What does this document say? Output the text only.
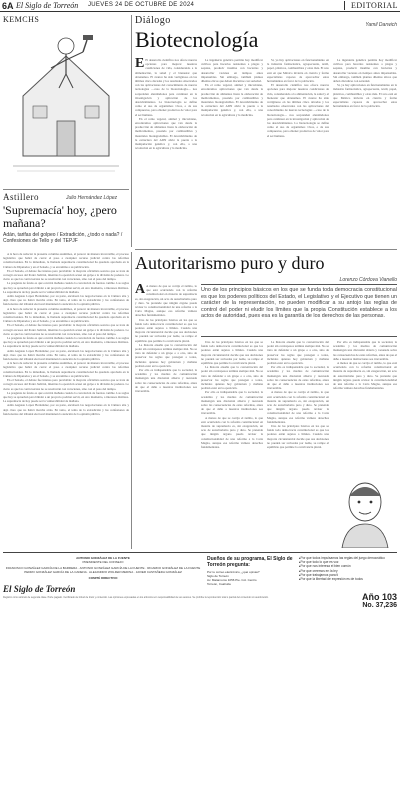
6A El Siglo de Torreón JUEVES 24 DE OCTUBRE DE 2024	EDITORIAL
KEMCHS	Diálogo	Yamil Darwich
Biotecnología

E El desarrollo científico nos ofrece nuevas opciones para mejorar nuestras condiciones de vida, considerando a la alimentación, la salud y el bienestar que obtenemos. El avance ha sido vertiginoso en las últimas cinco décadas y los resultados observados con las aplicaciones del conocimiento de nuevas tecnologías —caso de la biotecnología— nos sorprenden alentándonos para continuar en la investigación y aplicación de los descubrimientos. La biotecnología se define como el uso de organismos vivos, o de sus compuestos, para obtener productos de valor para el ser humano.

En el reino vegetal, animal y microbiano, encontramos aplicaciones que van desde la producción de alimentos hasta la elaboración de medicamentos, pasando por combustibles y materiales biodegradables. El descubrimiento de la estructura del ADN abrió la puerta a la manipulación genética y, con ella, a una revolución en la agricultura y la medicina.

La ingeniería genética permite hoy modificar cultivos para hacerlos resistentes a plagas y sequías, producir insulina con bacterias y desarrollar vacunas en tiempos antes impensables. Sin embargo, también plantea dilemas éticos que deben discutirse con seriedad.

En el reino vegetal, animal y microbiano, encontramos aplicaciones que van desde la producción de alimentos hasta la elaboración de medicamentos, pasando por combustibles y materiales biodegradables. El descubrimiento de la estructura del ADN abrió la puerta a la manipulación genética y, con ella, a una revolución en la agricultura y la medicina.

Sí, ya hay aplicaciones en funcionamiento en la industria farmacéutica, agropecuaria, textil, papel, plásticos, combustibles y otras más. El reto está en que México invierta en ciencia y forme especialistas capaces de aprovechar estas herramientas en favor de la población.

El desarrollo científico nos ofrece nuevas opciones para mejorar nuestras condiciones de vida, considerando a la alimentación, la salud y el bienestar que obtenemos. El avance ha sido vertiginoso en las últimas cinco décadas y los resultados observados con las aplicaciones del conocimiento de nuevas tecnologías —caso de la biotecnología— nos sorprenden alentándonos para continuar en la investigación y aplicación de los descubrimientos. La biotecnología se define como el uso de organismos vivos, o de sus compuestos, para obtener productos de valor para el ser humano.

La ingeniería genética permite hoy modificar cultivos para hacerlos resistentes a plagas y sequías, producir insulina con bacterias y desarrollar vacunas en tiempos antes impensables. Sin embargo, también plantea dilemas éticos que deben discutirse con seriedad.

Sí, ya hay aplicaciones en funcionamiento en la industria farmacéutica, agropecuaria, textil, papel, plásticos, combustibles y otras más. El reto está en que México invierta en ciencia y forme especialistas capaces de aprovechar estas herramientas en favor de la población.

Astillero	Julio Hernández López
'Supremacía' hoy, ¿pero mañana?
Adán, tarifas del golpeo / Extradición, ¿todo o nada? / Confesiones de Tello y del TEPJF

A la hora de redactar la presente columna asumimos, al parecer de manera irreversible, el proceso legislativo que habrá de cerrar el paso a cualquier recurso judicial contra las reformas constitucionales. En lo inmediato, la llamada supremacía constitucional ha quedado aprobada en la Cámara de Diputados y en el Senado, y se encamina a su publicación.

En el Senado, el debate fue intenso pero previsible: la mayoría oficialista sostuvo que se trata de corregir excesos del Poder Judicial, mientras la oposición acusó un golpe a la división de poderes. Lo cierto es que las controversias no se resolverán con votaciones, sino con el paso del tiempo.

La pregunta de fondo es qué ocurrirá mañana cuando la correlación de fuerzas cambie. Las reglas que hoy se aprueban para blindar a un proyecto podrían servir, en otro momento, a intereses distintos. La supremacía de hoy puede ser la vulnerabilidad de mañana.

Adán Augusto López Hernández, por su parte, encabezó las negociaciones en la Cámara alta y dejó claro que no habrá marcha atrás. En tanto, el tema de la extradición y las confesiones de funcionarios del tribunal electoral mantienen la atención de la opinión pública.

A la hora de redactar la presente columna asumimos, al parecer de manera irreversible, el proceso legislativo que habrá de cerrar el paso a cualquier recurso judicial contra las reformas constitucionales. En lo inmediato, la llamada supremacía constitucional ha quedado aprobada en la Cámara de Diputados y en el Senado, y se encamina a su publicación.

En el Senado, el debate fue intenso pero previsible: la mayoría oficialista sostuvo que se trata de corregir excesos del Poder Judicial, mientras la oposición acusó un golpe a la división de poderes. Lo cierto es que las controversias no se resolverán con votaciones, sino con el paso del tiempo.

La pregunta de fondo es qué ocurrirá mañana cuando la correlación de fuerzas cambie. Las reglas que hoy se aprueban para blindar a un proyecto podrían servir, en otro momento, a intereses distintos. La supremacía de hoy puede ser la vulnerabilidad de mañana.

Adán Augusto López Hernández, por su parte, encabezó las negociaciones en la Cámara alta y dejó claro que no habrá marcha atrás. En tanto, el tema de la extradición y las confesiones de funcionarios del tribunal electoral mantienen la atención de la opinión pública.

A la hora de redactar la presente columna asumimos, al parecer de manera irreversible, el proceso legislativo que habrá de cerrar el paso a cualquier recurso judicial contra las reformas constitucionales. En lo inmediato, la llamada supremacía constitucional ha quedado aprobada en la Cámara de Diputados y en el Senado, y se encamina a su publicación.

En el Senado, el debate fue intenso pero previsible: la mayoría oficialista sostuvo que se trata de corregir excesos del Poder Judicial, mientras la oposición acusó un golpe a la división de poderes. Lo cierto es que las controversias no se resolverán con votaciones, sino con el paso del tiempo.

La pregunta de fondo es qué ocurrirá mañana cuando la correlación de fuerzas cambie. Las reglas que hoy se aprueban para blindar a un proyecto podrían servir, en otro momento, a intereses distintos. La supremacía de hoy puede ser la vulnerabilidad de mañana.

Adán Augusto López Hernández, por su parte, encabezó las negociaciones en la Cámara alta y dejó claro que no habrá marcha atrás. En tanto, el tema de la extradición y las confesiones de funcionarios del tribunal electoral mantienen la atención de la opinión pública.

Autoritarismo puro y duro
Lorenzo Córdova Vianello

A A menos de que se corrija el rumbo, lo que está ocurriendo con la reforma constitucional en materia de supremacía es, sin exageración, un acto de autoritarismo puro y duro. Se pretende que ningún órgano pueda revisar la constitucionalidad de una reforma a la Carta Magna, aunque esa reforma vulnere derechos fundamentales.

Uno de los principios básicos en los que se funda toda democracia constitucional es que los poderes están sujetos a límites. Cuando una mayoría circunstancial decide que sus decisiones no pueden ser revisadas por nadie, se rompe el equilibrio que permite la convivencia plural.

La historia enseña que la concentración del poder sin contrapesos termina siempre mal. No se trata de defender a un grupo o a otro, sino de preservar las reglas que protegen a todos, incluidos quienes hoy gobiernan y mañana podrían estar en la oposición.

Por ello es indispensable que la sociedad, la academia y los medios de comunicación mantengan una discusión abierta y razonada sobre las consecuencias de estas reformas, antes de que el daño a nuestras instituciones sea irreversible.

Uno de los principios básicos en los que se funda toda democracia constitucional es que los poderes políticos del Estado, el Legislativo y el Ejecutivo que tienen un carácter de la representación, no pueden modificar a su antojo las reglas de control del poder ni eludir los límites que la propia Constitución establece a los actos de autoridad, pues esa es la garantía de los derechos de las personas.

Uno de los principios básicos en los que se funda toda democracia constitucional es que los poderes están sujetos a límites. Cuando una mayoría circunstancial decide que sus decisiones no pueden ser revisadas por nadie, se rompe el equilibrio que permite la convivencia plural.

La historia enseña que la concentración del poder sin contrapesos termina siempre mal. No se trata de defender a un grupo o a otro, sino de preservar las reglas que protegen a todos, incluidos quienes hoy gobiernan y mañana podrían estar en la oposición.

Por ello es indispensable que la sociedad, la academia y los medios de comunicación mantengan una discusión abierta y razonada sobre las consecuencias de estas reformas, antes de que el daño a nuestras instituciones sea irreversible.

A menos de que se corrija el rumbo, lo que está ocurriendo con la reforma constitucional en materia de supremacía es, sin exageración, un acto de autoritarismo puro y duro. Se pretende que ningún órgano pueda revisar la constitucionalidad de una reforma a la Carta Magna, aunque esa reforma vulnere derechos fundamentales.

La historia enseña que la concentración del poder sin contrapesos termina siempre mal. No se trata de defender a un grupo o a otro, sino de preservar las reglas que protegen a todos, incluidos quienes hoy gobiernan y mañana podrían estar en la oposición.

Por ello es indispensable que la sociedad, la academia y los medios de comunicación mantengan una discusión abierta y razonada sobre las consecuencias de estas reformas, antes de que el daño a nuestras instituciones sea irreversible.

A menos de que se corrija el rumbo, lo que está ocurriendo con la reforma constitucional en materia de supremacía es, sin exageración, un acto de autoritarismo puro y duro. Se pretende que ningún órgano pueda revisar la constitucionalidad de una reforma a la Carta Magna, aunque esa reforma vulnere derechos fundamentales.

Uno de los principios básicos en los que se funda toda democracia constitucional es que los poderes están sujetos a límites. Cuando una mayoría circunstancial decide que sus decisiones no pueden ser revisadas por nadie, se rompe el equilibrio que permite la convivencia plural.

Por ello es indispensable que la sociedad, la academia y los medios de comunicación mantengan una discusión abierta y razonada sobre las consecuencias de estas reformas, antes de que el daño a nuestras instituciones sea irreversible.

A menos de que se corrija el rumbo, lo que está ocurriendo con la reforma constitucional en materia de supremacía es, sin exageración, un acto de autoritarismo puro y duro. Se pretende que ningún órgano pueda revisar la constitucionalidad de una reforma a la Carta Magna, aunque esa reforma vulnere derechos fundamentales.

ANTONIO GONZÁLEZ DE LA FUENTE
PRESIDENTE DEL CONSEJO
FRANCISCO GONZÁLEZ GARCÍA DE LA BARRERA · ANTONIO GONZÁLEZ GARCÍA DE LA FUENTE · RICARDO GONZÁLEZ DE LA FUENTE
PEDRO GONZÁLEZ GARCÍA DE LA CADENA · ALEJANDRO WOLFER MEDINA · JAVIER CASTAÑEDA GONZÁLEZ
COMITÉ DIRECTIVO
Dueños de su programa, El Siglo de Torreón pregunta:
Por tu correo electrónico, ¿qué opinas?
Siglo de Torreón
Av. Matamoros 1056 Pte. Col. Centro
Torreón, Coahuila
▸ Por que todos impulsamos las reglas del juego democrático
▸ Por que todo lo que es voz
▸ Por que nos interesa el bien común
▸ Por que creemos en la ley
▸ Por que trabajamos para ti
▸ Por que la libertad de expresión es de todos
El Siglo de Torreón
Registro como artículo de segunda clase. Porte pagado. Certificado de licitud de título y contenido. Las opiniones expresadas en los artículos son responsabilidad de sus autores. Se prohíbe la reproducción total o parcial del contenido sin autorización.	Año 103
No. 37,236
